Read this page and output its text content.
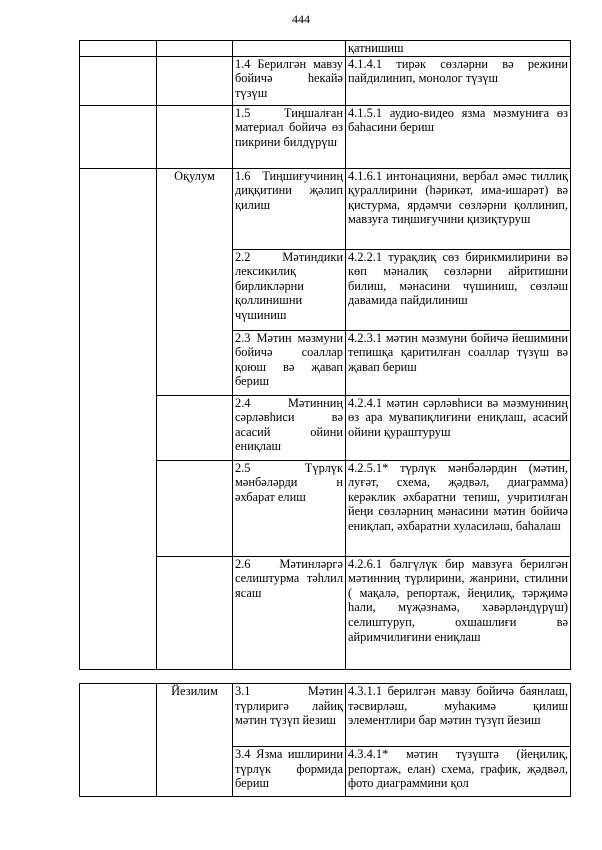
444
			қатнишиш
		1.4 Берилгән мавзу бойичә һекайә түзүш	4.1.4.1 тирәк сөзләрни вә режини пайдилинип, монолог түзүш
		1.5 Тиңшалған материал бойичә өз пикрини билдүрүш	4.1.5.1 аудио-видео язма мәзмуниға өз баһасини бериш
	Оқулум	1.6 Тиңшиғучиниң диққитини җәлип қилиш	4.1.6.1 интонацияни, вербал әмәс тиллиқ қураллирини (һәрикәт, има-ишарәт) вә қистурма, ярдәмчи сөзләрни қоллинип, мавзуға тиңшиғучини қизиқтуруш
		2.2 Мәтиндики лексикилиқ бирликләрни қоллинишни чүшиниш	4.2.2.1 турақлиқ сөз бирикмилирини вә көп мәналиқ сөзләрни айритишни билиш, мәнасини чүшиниш, сөзләш давамида пайдилиниш
		2.3 Мәтин мәзмуни бойичә соаллар қоюш вә җавап бериш	4.2.3.1 мәтин мәзмуни бойичә йешимини тепишқа қаритилған соаллар түзүш вә җавап бериш
		2.4 Мәтинниң сәрләвһиси вә асасий ойини ениқлаш	4.2.4.1 мәтин сәрләвһиси вә мәзмуниниң өз ара мувапиқлиғини ениқлаш, асасий ойини қураштуруш
		2.5 Түрлүк мәнбәләрди н әхбарат елиш	4.2.5.1* түрлүк мәнбәләрдин (мәтин, луғәт, схема, җәдвәл, диаграмма) керәклик әхбаратни тепиш, учритилған йеңи сөзләрниң мәнасини мәтин бойичә ениқлап, әхбаратни хуласиләш, баһалаш
		2.6 Мәтинләргә селиштурма тәһлил ясаш	4.2.6.1 бәлгүлүк бир мавзуға берилгән мәтинниң түрлирини, жанрини, стилини ( мақалә, репортаж, йеңилиқ, тәрҗимә һали, мүҗәзнамә, хәвәрләндүрүш) селиштуруп, охшашлиғи вә айримчилиғини ениқлаш
	Йезилим	3.1 Мәтин түрлиригә лайиқ мәтин түзүп йезиш	4.3.1.1 берилгән мавзу бойичә баянлаш, тәсвирләш, муһакимә қилиш элементлири бар мәтин түзүп йезиш
		3.4 Язма ишлирини түрлүк формида бериш	4.3.4.1* мәтин түзүштә (йеңилиқ, репортаж, елан) схема, график, җәдвәл, фото диаграммини қол
